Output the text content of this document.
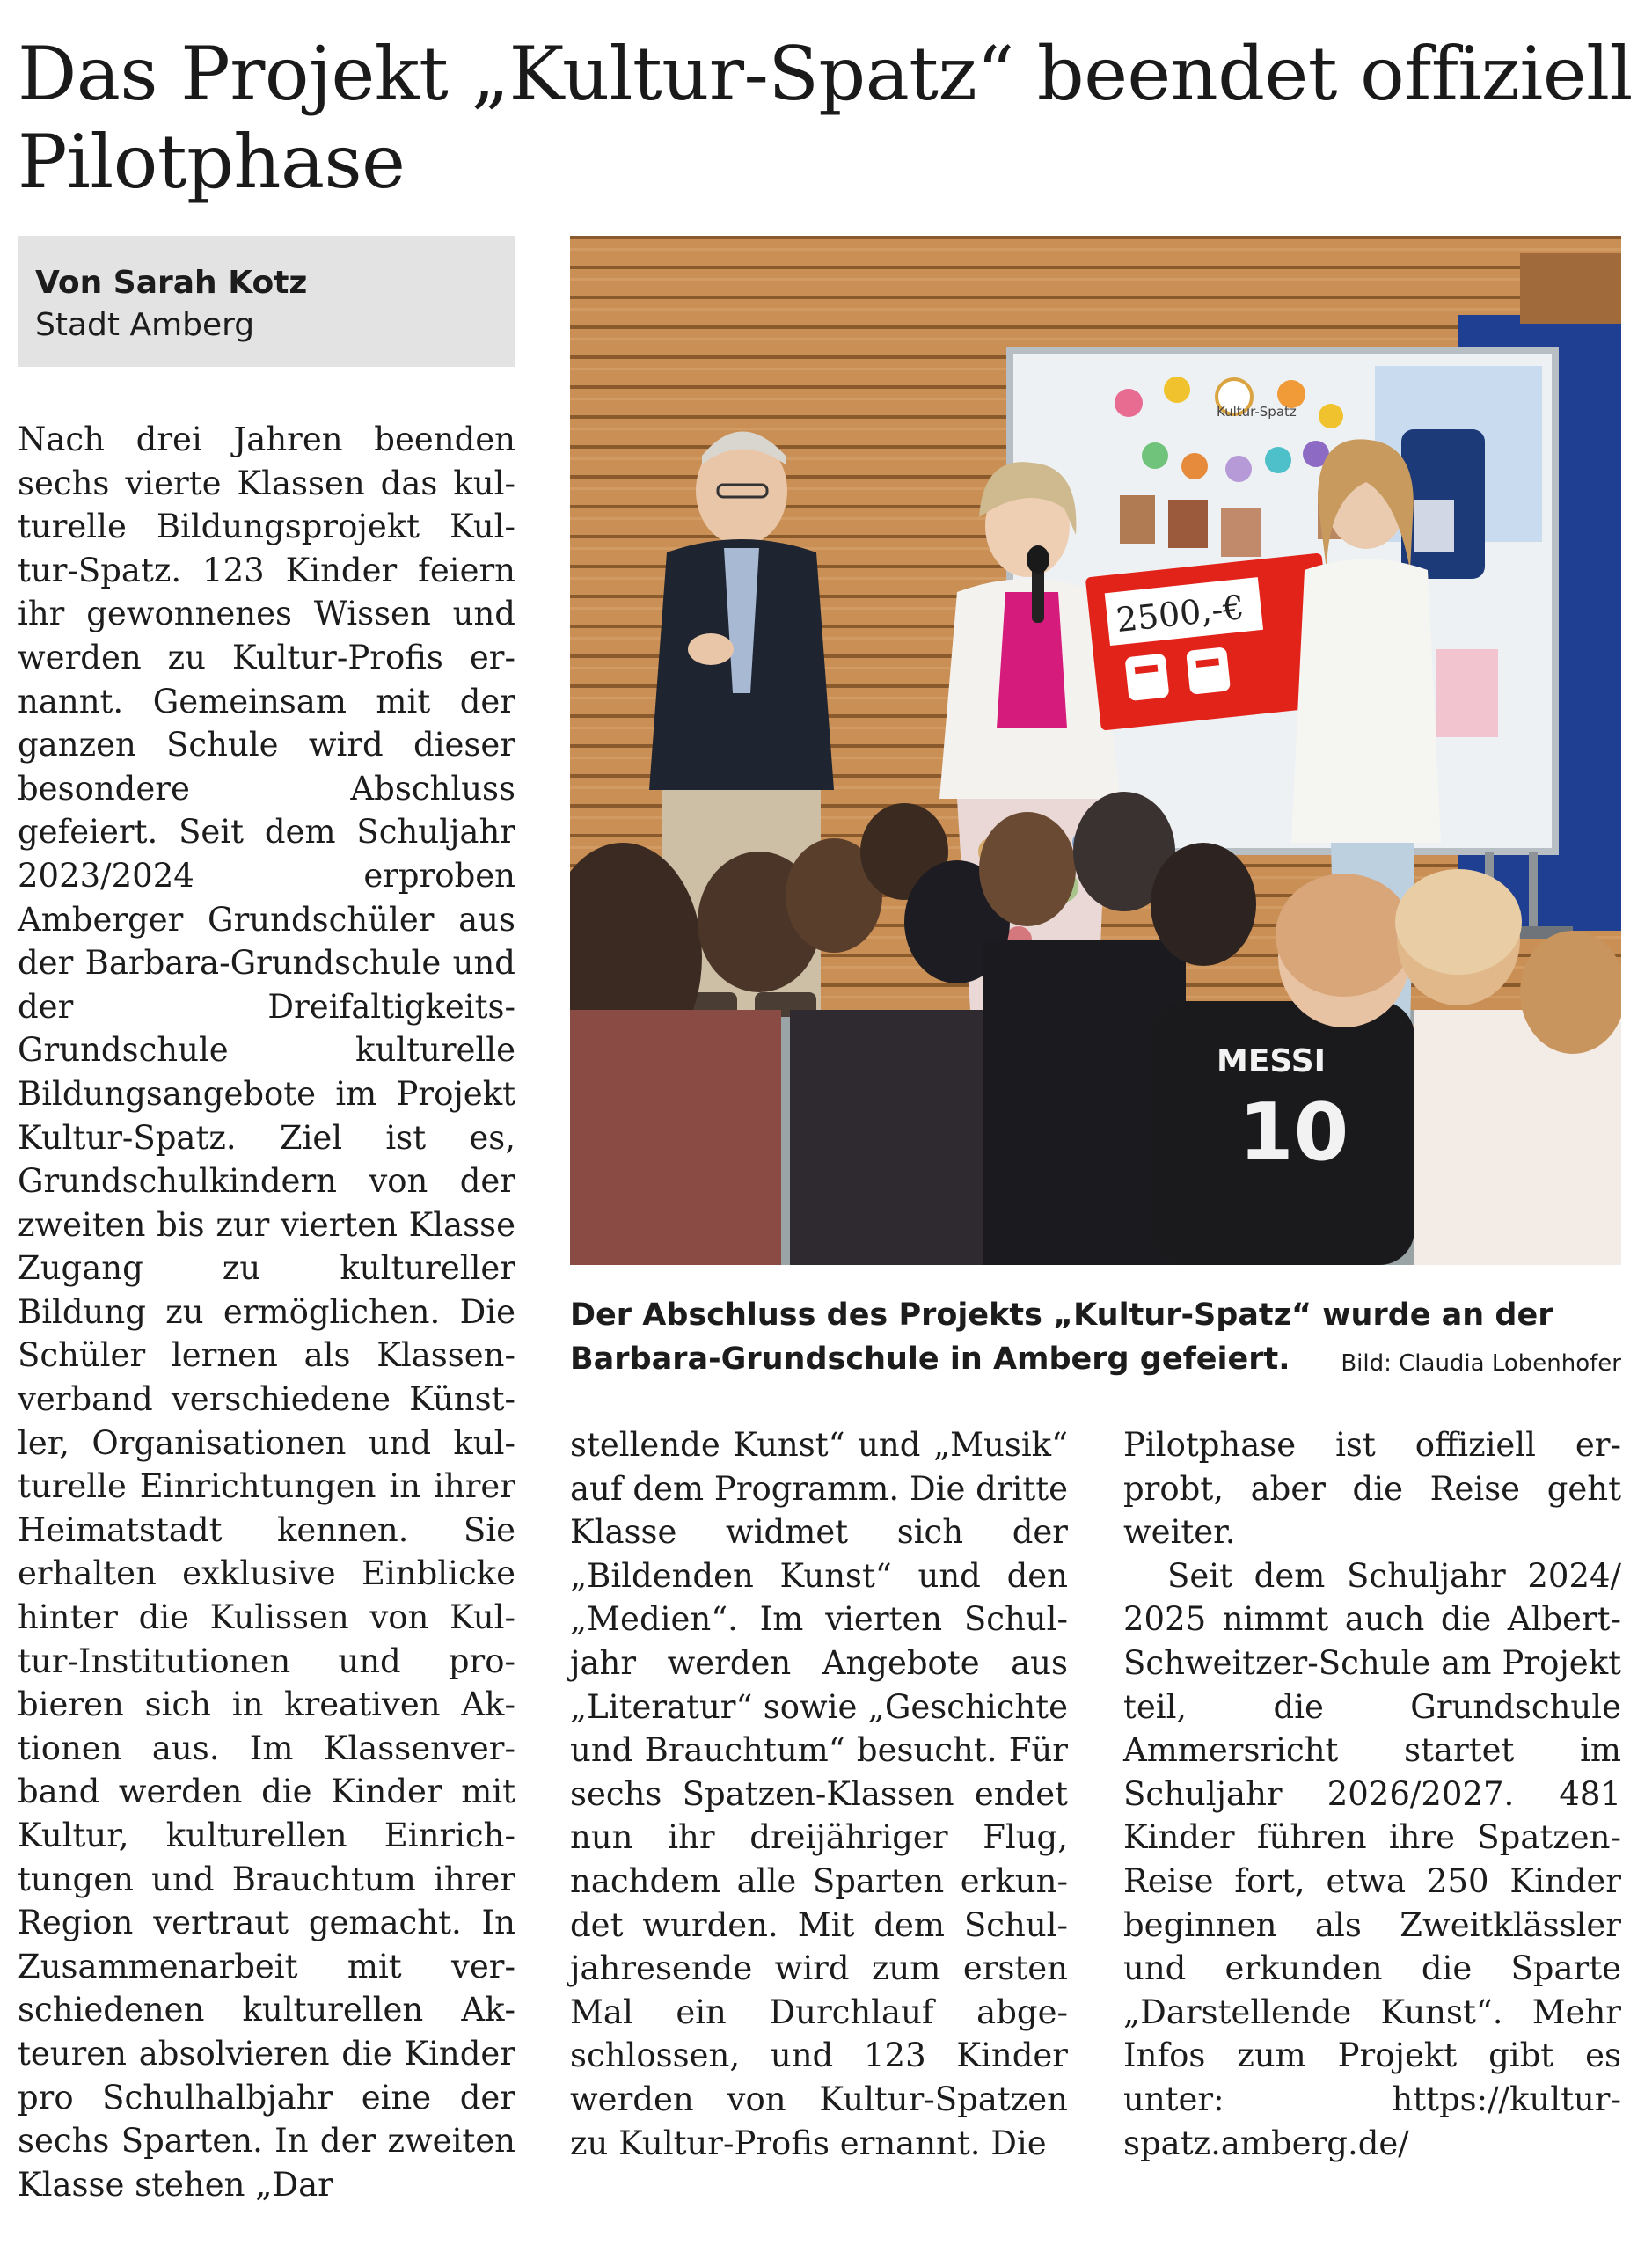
Das Projekt „Kultur-Spatz“ beendet offiziell Pilotphase
Von Sarah Kotz
Stadt Amberg

Nach drei Jahren beenden sechs vierte Klassen das kulturelle Bildungsprojekt Kultur-Spatz. 123 Kinder feiern ihr gewonnenes Wissen und werden zu Kultur-Profis ernannt. Gemeinsam mit der ganzen Schule wird dieser besondere Abschluss gefeiert. Seit dem Schuljahr 2023/2024 erproben Amberger Grundschüler aus der Barbara-Grundschule und der Dreifaltigkeits-Grundschule kulturelle Bildungsangebote im Projekt Kultur-Spatz. Ziel ist es, Grundschulkindern von der zweiten bis zur vierten Klasse Zugang zu kultureller Bildung zu ermöglichen. Die Schüler lernen als Klassenverband verschiedene Künstler, Organisationen und kulturelle Einrichtungen in ihrer Heimatstadt kennen. Sie erhalten exklusive Einblicke hinter die Kulissen von Kultur-Institutionen und probieren sich in kreativen Aktionen aus. Im Klassenverband werden die Kinder mit Kultur, kulturellen Einrichtungen und Brauchtum ihrer Region vertraut gemacht. In Zusammenarbeit mit verschiedenen kulturellen Akteuren absolvieren die Kinder pro Schulhalbjahr eine der sechs Sparten. In der zweiten Klasse stehen „Dar

Kultur-Spatz
2500,-€
MESSI
10
Der Abschluss des Projekts „Kultur-Spatz“ wurde an der Barbara-Grundschule in Amberg gefeiert.	Bild: Claudia Lobenhofer

stellende Kunst“ und „Musik“ auf dem Programm. Die dritte Klasse widmet sich der „Bildenden Kunst“ und den „Medien“. Im vierten Schuljahr werden Angebote aus „Literatur“ sowie „Geschichte und Brauchtum“ besucht. Für sechs Spatzen-Klassen endet nun ihr dreijähriger Flug, nachdem alle Sparten erkundet wurden. Mit dem Schuljahresende wird zum ersten Mal ein Durchlauf abgeschlossen, und 123 Kinder werden von Kultur-Spatzen zu Kultur-Profis ernannt. Die

Pilotphase ist offiziell erprobt, aber die Reise geht weiter.

Seit dem Schuljahr 2024/ 2025 nimmt auch die Albert-Schweitzer-Schule am Projekt teil, die Grundschule Ammersricht startet im Schuljahr 2026/2027. 481 Kinder führen ihre Spatzen-Reise fort, etwa 250 Kinder beginnen als Zweitklässler und erkunden die Sparte „Darstellende Kunst“. Mehr Infos zum Projekt gibt es unter: https://kultur-spatz.amberg.​de/
